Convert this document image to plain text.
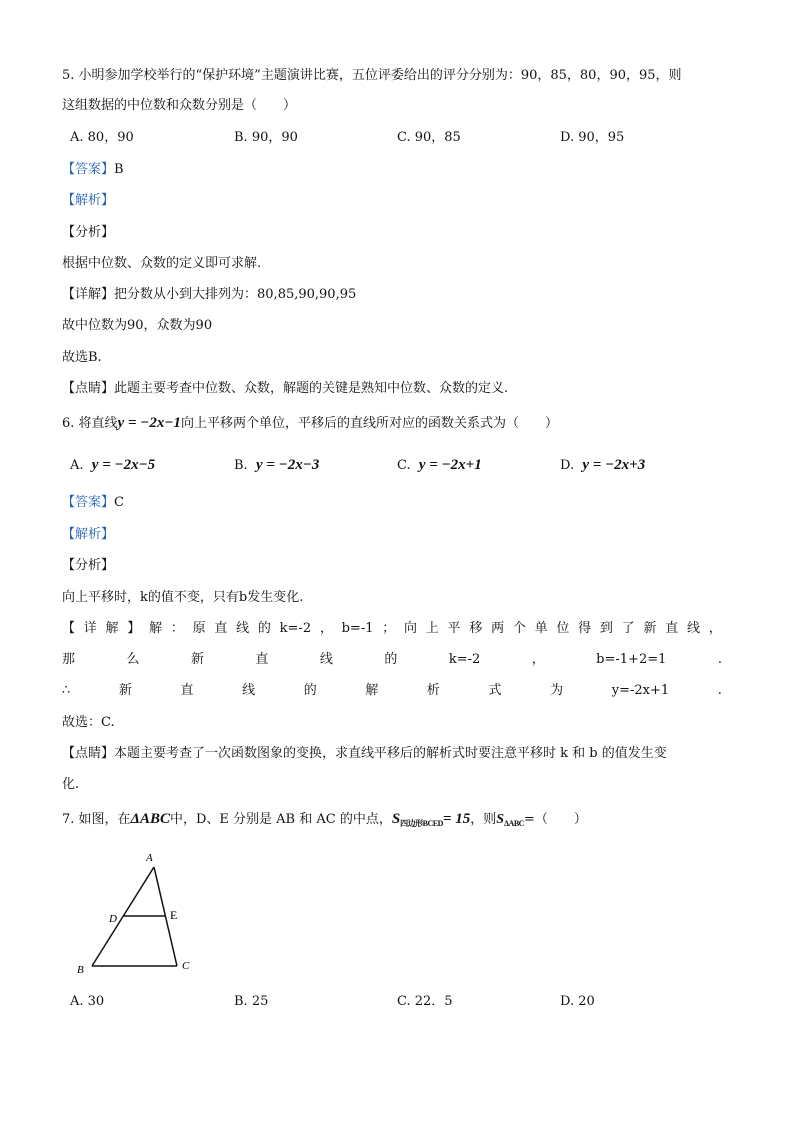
5. 小明参加学校举行的“保护环境”主题演讲比赛，五位评委给出的评分分别为：90，85，80，90，95，则
这组数据的中位数和众数分别是（　　）
A. 80，90	B. 90，90	C. 90，85	D. 90，95
【答案】B
【解析】
【分析】
根据中位数、众数的定义即可求解.
【详解】把分数从小到大排列为：80,85,90,90,95
故中位数为90，众数为90
故选B.
【点睛】此题主要考查中位数、众数，解题的关键是熟知中位数、众数的定义.
6. 将直线y = −2x−1向上平移两个单位，平移后的直线所对应的函数关系式为（　　）
A. y = −2x−5	B. y = −2x−3	C. y = −2x+1	D. y = −2x+3
【答案】C
【解析】
【分析】
向上平移时，k的值不变，只有b发生变化.
【 详 解 】 解 ： 原 直 线 的 k=-2 ， b=-1 ； 向 上 平 移 两 个 单 位 得 到 了 新 直 线 ，
那	么	新	直	线	的	k=-2	，	b=-1+2=1	.
∴	新	直	线	的	解	析	式	为	y=-2x+1	.
故选：C.
【点睛】本题主要考查了一次函数图象的变换，求直线平移后的解析式时要注意平移时 k 和 b 的值发生变
化.
7. 如图，在ΔABC中，D、E 分别是 AB 和 AC 的中点，$S_{四边形BCED}= 15$，则$S_{\Delta ABC}=$（　　）
A
D	E
B	C
A. 30	B. 25	C. 22．5	D. 20
